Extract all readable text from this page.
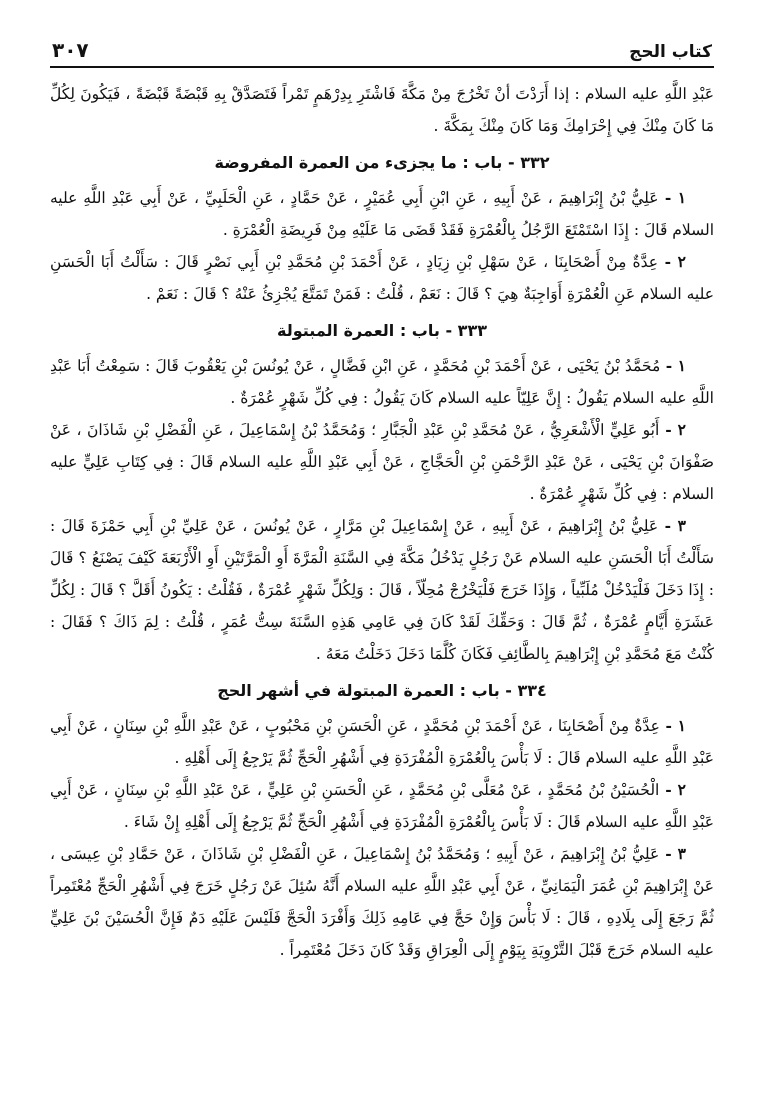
كتاب الحج
٣٠٧

عَبْدِ اللَّهِ عليه السلام : إذا أَرَدْتَ أنْ تَخْرُجَ مِنْ مَكَّةَ فَاشْتَرِ بِدِرْهَمٍ تَمْراً فَتَصَدَّقْ بِهِ قَبْضَةً قَبْضَةً ، فَيَكُونَ لِكُلِّ مَا كَانَ مِنْكَ فِي إِحْرَامِكَ وَمَا كَانَ مِنْكَ بِمَكَّةَ .

٣٣٢ - باب : ما يجزىء من العمرة المفروضة

١ - عَلِيُّ بْنُ إِبْرَاهِيمَ ، عَنْ أَبِيهِ ، عَنِ ابْنِ أَبِي عُمَيْرٍ ، عَنْ حَمَّادٍ ، عَنِ الْحَلَبِيِّ ، عَنْ أَبِي عَبْدِ اللَّهِ عليه السلام قَالَ : إِذَا اسْتَمْتَعَ الرَّجُلُ بِالْعُمْرَةِ فَقَدْ قَضَى مَا عَلَيْهِ مِنْ فَرِيضَةِ الْعُمْرَةِ .

٢ - عِدَّةٌ مِنْ أَصْحَابِنَا ، عَنْ سَهْلِ بْنِ زِيَادٍ ، عَنْ أَحْمَدَ بْنِ مُحَمَّدِ بْنِ أَبِي نَصْرٍ قَالَ : سَأَلْتُ أَبَا الْحَسَنِ عليه السلام عَنِ الْعُمْرَةِ أَوَاجِبَةٌ هِيَ ؟ قَالَ : نَعَمْ ، قُلْتُ : فَمَنْ تَمَتَّعَ يُجْزِئُ عَنْهُ ؟ قَالَ : نَعَمْ .

٣٣٣ - باب : العمرة المبتولة

١ - مُحَمَّدُ بْنُ يَحْيَى ، عَنْ أَحْمَدَ بْنِ مُحَمَّدٍ ، عَنِ ابْنِ فَضَّالٍ ، عَنْ يُونُسَ بْنِ يَعْقُوبَ قَالَ : سَمِعْتُ أَبَا عَبْدِ اللَّهِ عليه السلام يَقُولُ : إِنَّ عَلِيّاً عليه السلام كَانَ يَقُولُ : فِي كُلِّ شَهْرٍ عُمْرَةٌ .

٢ - أَبُو عَلِيٍّ الْأَشْعَرِيُّ ، عَنْ مُحَمَّدِ بْنِ عَبْدِ الْجَبَّارِ ؛ وَمُحَمَّدُ بْنُ إِسْمَاعِيلَ ، عَنِ الْفَضْلِ بْنِ شَاذَانَ ، عَنْ صَفْوَانَ بْنِ يَحْيَى ، عَنْ عَبْدِ الرَّحْمَنِ بْنِ الْحَجَّاجِ ، عَنْ أَبِي عَبْدِ اللَّهِ عليه السلام قَالَ : فِي كِتَابِ عَلِيٍّ عليه السلام : فِي كُلِّ شَهْرٍ عُمْرَةٌ .

٣ - عَلِيُّ بْنُ إِبْرَاهِيمَ ، عَنْ أَبِيهِ ، عَنْ إِسْمَاعِيلَ بْنِ مَرَّارٍ ، عَنْ يُونُسَ ، عَنْ عَلِيِّ بْنِ أَبِي حَمْزَةَ قَالَ : سَأَلْتُ أَبَا الْحَسَنِ عليه السلام عَنْ رَجُلٍ يَدْخُلُ مَكَّةَ فِي السَّنَةِ الْمَرَّةَ أَوِ الْمَرَّتَيْنِ أَوِ الْأَرْبَعَةَ كَيْفَ يَصْنَعُ ؟ قَالَ : إِذَا دَخَلَ فَلْيَدْخُلْ مُلَبِّياً ، وَإِذَا خَرَجَ فَلْيَخْرُجْ مُحِلّاً ، قَالَ : وَلِكُلِّ شَهْرٍ عُمْرَةٌ ، فَقُلْتُ : يَكُونُ أَقَلَّ ؟ قَالَ : لِكُلِّ عَشَرَةِ أَيَّامٍ عُمْرَةٌ ، ثُمَّ قَالَ : وَحَقِّكَ لَقَدْ كَانَ فِي عَامِي هَذِهِ السَّنَةَ سِتُّ عُمَرٍ ، قُلْتُ : لِمَ ذَاكَ ؟ فَقَالَ : كُنْتُ مَعَ مُحَمَّدِ بْنِ إِبْرَاهِيمَ بِالطَّائِفِ فَكَانَ كُلَّمَا دَخَلَ دَخَلْتُ مَعَهُ .

٣٣٤ - باب : العمرة المبتولة في أشهر الحج

١ - عِدَّةٌ مِنْ أَصْحَابِنَا ، عَنْ أَحْمَدَ بْنِ مُحَمَّدٍ ، عَنِ الْحَسَنِ بْنِ مَحْبُوبٍ ، عَنْ عَبْدِ اللَّهِ بْنِ سِنَانٍ ، عَنْ أَبِي عَبْدِ اللَّهِ عليه السلام قَالَ : لَا بَأْسَ بِالْعُمْرَةِ الْمُفْرَدَةِ فِي أَشْهُرِ الْحَجِّ ثُمَّ يَرْجِعُ إِلَى أَهْلِهِ .

٢ - الْحُسَيْنُ بْنُ مُحَمَّدٍ ، عَنْ مُعَلَّى بْنِ مُحَمَّدٍ ، عَنِ الْحَسَنِ بْنِ عَلِيٍّ ، عَنْ عَبْدِ اللَّهِ بْنِ سِنَانٍ ، عَنْ أَبِي عَبْدِ اللَّهِ عليه السلام قَالَ : لَا بَأْسَ بِالْعُمْرَةِ الْمُفْرَدَةِ فِي أَشْهُرِ الْحَجِّ ثُمَّ يَرْجِعُ إِلَى أَهْلِهِ إِنْ شَاءَ .

٣ - عَلِيُّ بْنُ إِبْرَاهِيمَ ، عَنْ أَبِيهِ ؛ وَمُحَمَّدُ بْنُ إِسْمَاعِيلَ ، عَنِ الْفَضْلِ بْنِ شَاذَانَ ، عَنْ حَمَّادِ بْنِ عِيسَى ، عَنْ إِبْرَاهِيمَ بْنِ عُمَرَ الْيَمَانِيِّ ، عَنْ أَبِي عَبْدِ اللَّهِ عليه السلام أَنَّهُ سُئِلَ عَنْ رَجُلٍ خَرَجَ فِي أَشْهُرِ الْحَجِّ مُعْتَمِراً ثُمَّ رَجَعَ إِلَى بِلَادِهِ ، قَالَ : لَا بَأْسَ وَإِنْ حَجَّ فِي عَامِهِ ذَلِكَ وَأَفْرَدَ الْحَجَّ فَلَيْسَ عَلَيْهِ دَمٌ فَإِنَّ الْحُسَيْنَ بْنَ عَلِيٍّ عليه السلام خَرَجَ قَبْلَ التَّرْوِيَةِ بِيَوْمٍ إِلَى الْعِرَاقِ وَقَدْ كَانَ دَخَلَ مُعْتَمِراً .
